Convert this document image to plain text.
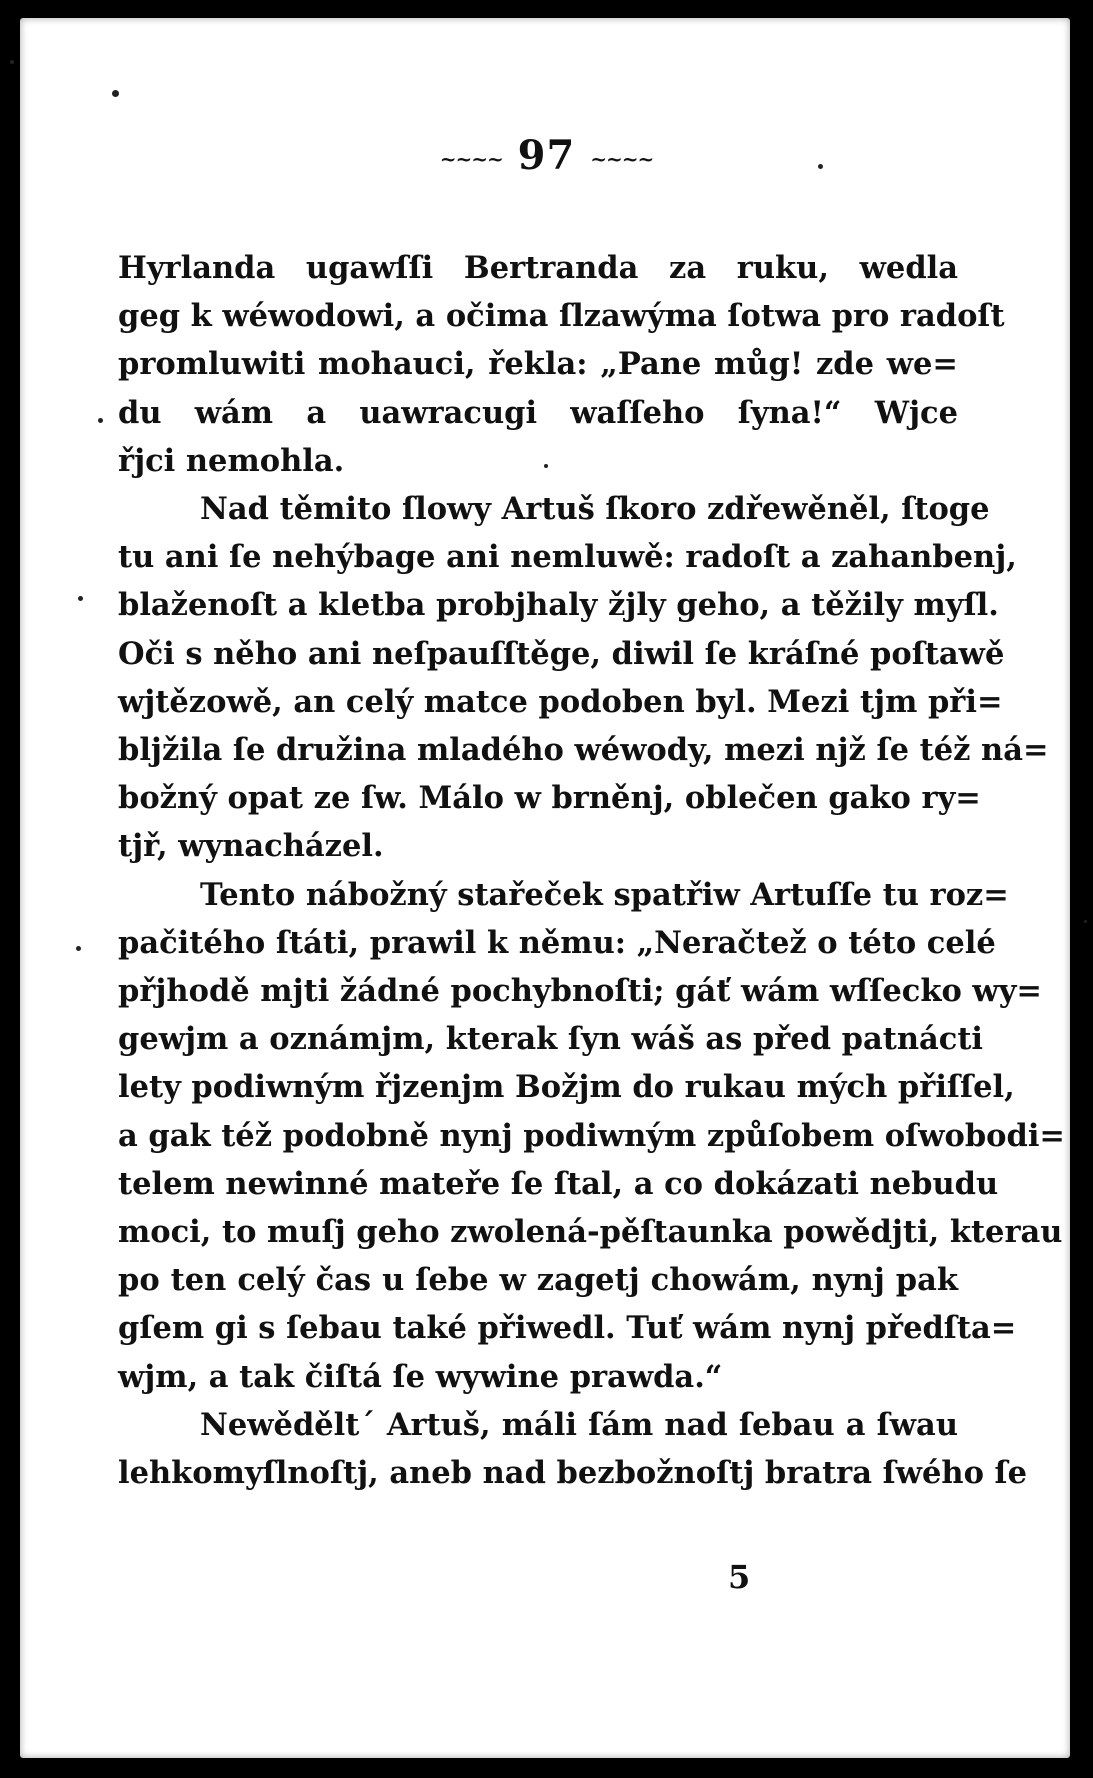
~~~~ 97 ~~~~
Hyrlanda ugawſſi Bertranda za ruku, wedla
geg k wéwodowi, a očima ſlzawýma ſotwa pro radoſt
promluwiti mohauci, řekla: „Pane můg! zde we=
du wám a uawracugi waſſeho ſyna!“ Wjce
řjci nemohla.
Nad těmito ſlowy Artuš ſkoro zdřewěněl, ſtoge
tu ani ſe nehýbage ani nemluwě: radoſt a zahanbenj,
blaženoſt a kletba probjhaly žjly geho, a těžily myſl.
Oči s něho ani neſpauſſtěge, diwil ſe kráſné poſtawě
wjtězowě, an celý matce podoben byl. Mezi tjm při=
bljžila ſe družina mladého wéwody, mezi njž ſe též ná=
božný opat ze ſw. Málo w brněnj, oblečen gako ry=
tjř, wynacházel.
Tento nábožný stařeček spatřiw Artuſſe tu roz=
pačitého ſtáti, prawil k němu: „Neračtež o této celé
přjhodě mjti žádné pochybnoſti; gáť wám wſſecko wy=
gewjm a oznámjm, kterak ſyn wáš as před patnácti
lety podiwným řjzenjm Božjm do rukau mých přiſſel,
a gak též podobně nynj podiwným způſobem oſwobodi=
telem newinné mateře ſe ſtal, a co dokázati nebudu
moci, to muſj geho zwolená-pěſtaunka powědjti, kterau
po ten celý čas u ſebe w zagetj chowám, nynj pak
gſem gi s ſebau také přiwedl. Tuť wám nynj předſta=
wjm, a tak čiſtá ſe wywine prawda.“
Newěděltˊ Artuš, máli ſám nad ſebau a ſwau
lehkomyſlnoſtj, aneb nad bezbožnoſtj bratra ſwého ſe
5
